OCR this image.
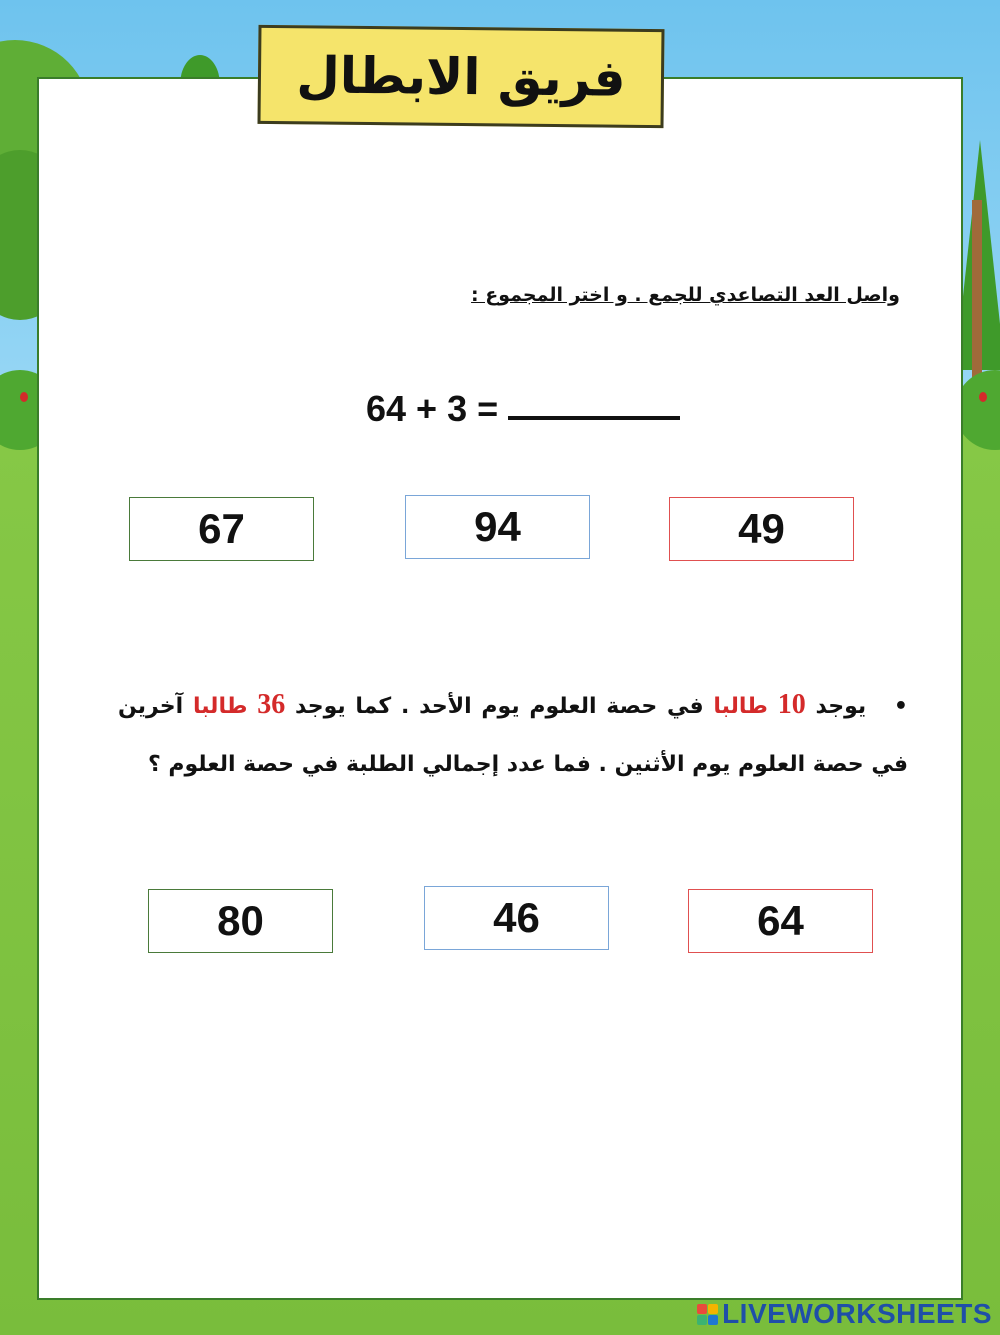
فريق الابطال
واصل العد التصاعدي للجمع . و اختر المجموع :
64 + 3 =
67	94	49
• يوجد 10 طالبا في حصة العلوم يوم الأحد . كما يوجد 36 طالبا آخرين في حصة العلوم يوم الأثنين . فما عدد إجمالي الطلبة في حصة العلوم ؟
80	46	64
LIVEWORKSHEETS
